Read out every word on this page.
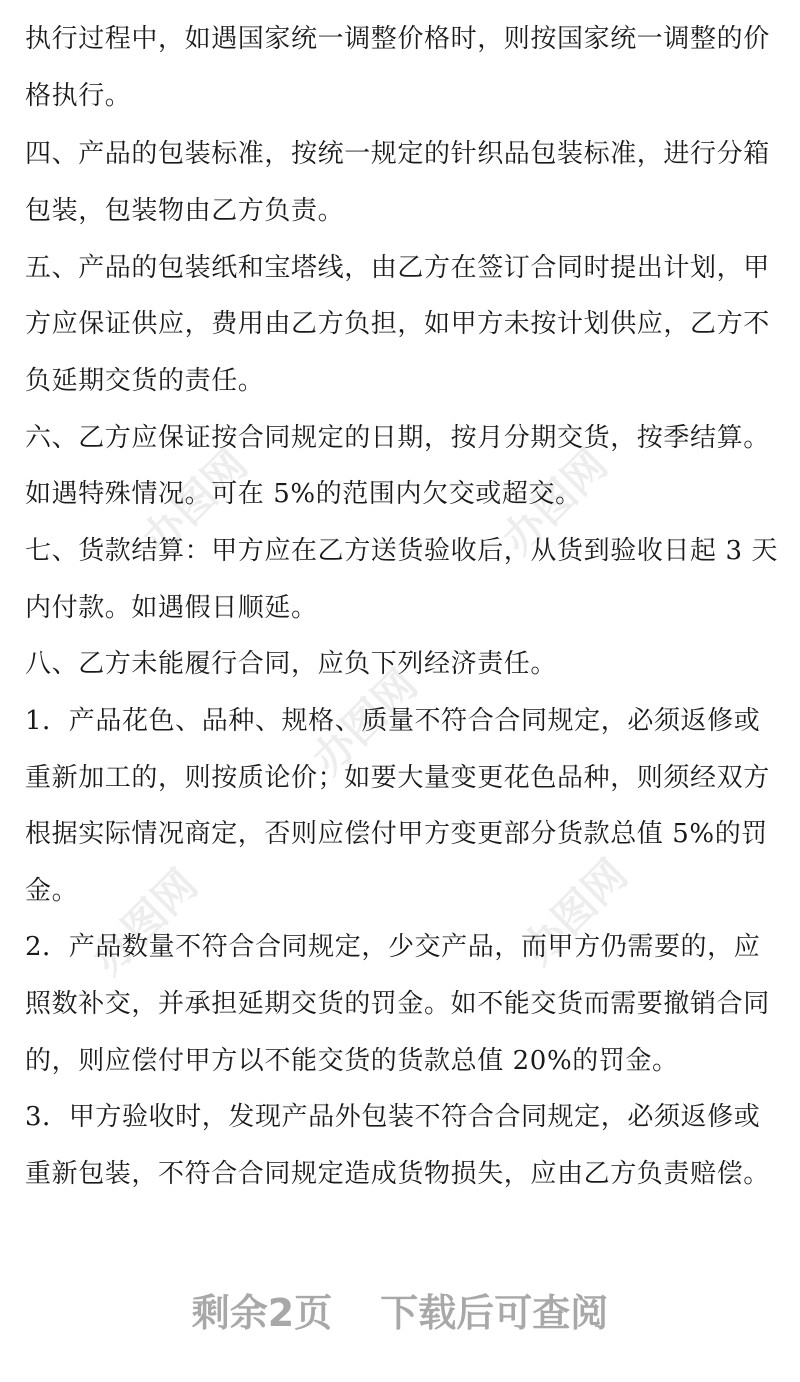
办图网	办图网
办图网
办图网	办图网
执行过程中，如遇国家统一调整价格时，则按国家统一调整的价
格执行。
四、产品的包装标准，按统一规定的针织品包装标准，进行分箱
包装，包装物由乙方负责。
五、产品的包装纸和宝塔线，由乙方在签订合同时提出计划，甲
方应保证供应，费用由乙方负担，如甲方未按计划供应，乙方不
负延期交货的责任。
六、乙方应保证按合同规定的日期，按月分期交货，按季结算。
如遇特殊情况。可在 5%的范围内欠交或超交。
七、货款结算：甲方应在乙方送货验收后，从货到验收日起 3 天
内付款。如遇假日顺延。
八、乙方未能履行合同，应负下列经济责任。
1．产品花色、品种、规格、质量不符合合同规定，必须返修或
重新加工的，则按质论价；如要大量变更花色品种，则须经双方
根据实际情况商定，否则应偿付甲方变更部分货款总值 5%的罚
金。
2．产品数量不符合合同规定，少交产品，而甲方仍需要的，应
照数补交，并承担延期交货的罚金。如不能交货而需要撤销合同
的，则应偿付甲方以不能交货的货款总值 20%的罚金。
3．甲方验收时，发现产品外包装不符合合同规定，必须返修或
重新包装，不符合合同规定造成货物损失，应由乙方负责赔偿。
剩余2页 下载后可查阅
